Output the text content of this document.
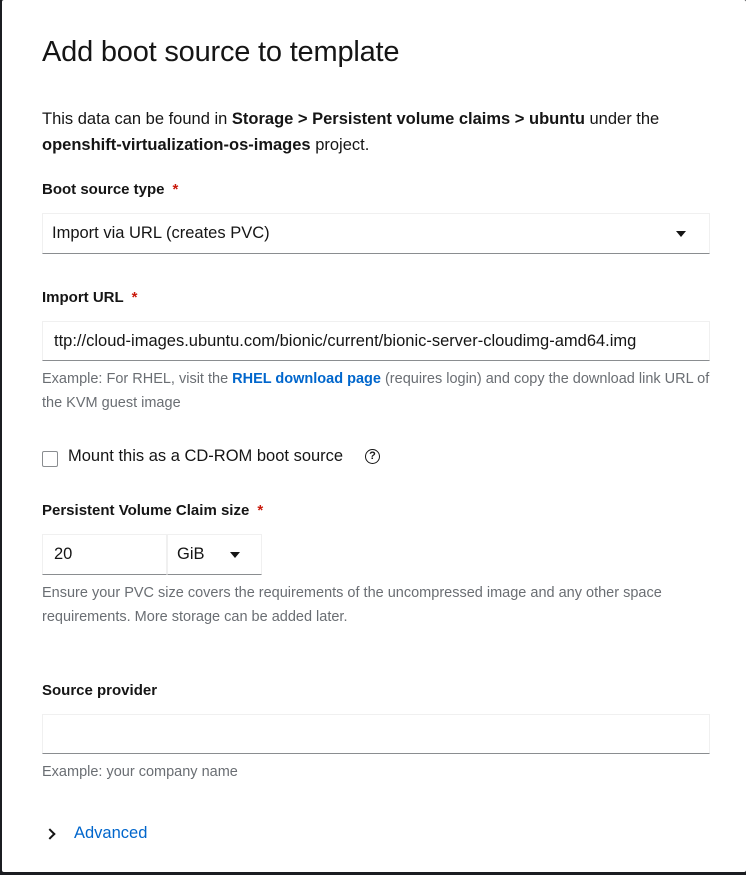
Add boot source to template
This data can be found in Storage > Persistent volume claims > ubuntu under the openshift-virtualization-os-images project.
Boot source type *
Import via URL (creates PVC)
Import URL *
ttp://cloud-images.ubuntu.com/bionic/current/bionic-server-cloudimg-amd64.img
Example: For RHEL, visit the RHEL download page (requires login) and copy the download link URL of the KVM guest image
Mount this as a CD-ROM boot source	?
Persistent Volume Claim size *
20	GiB
Ensure your PVC size covers the requirements of the uncompressed image and any other space requirements. More storage can be added later.
Source provider
Example: your company name
Advanced
